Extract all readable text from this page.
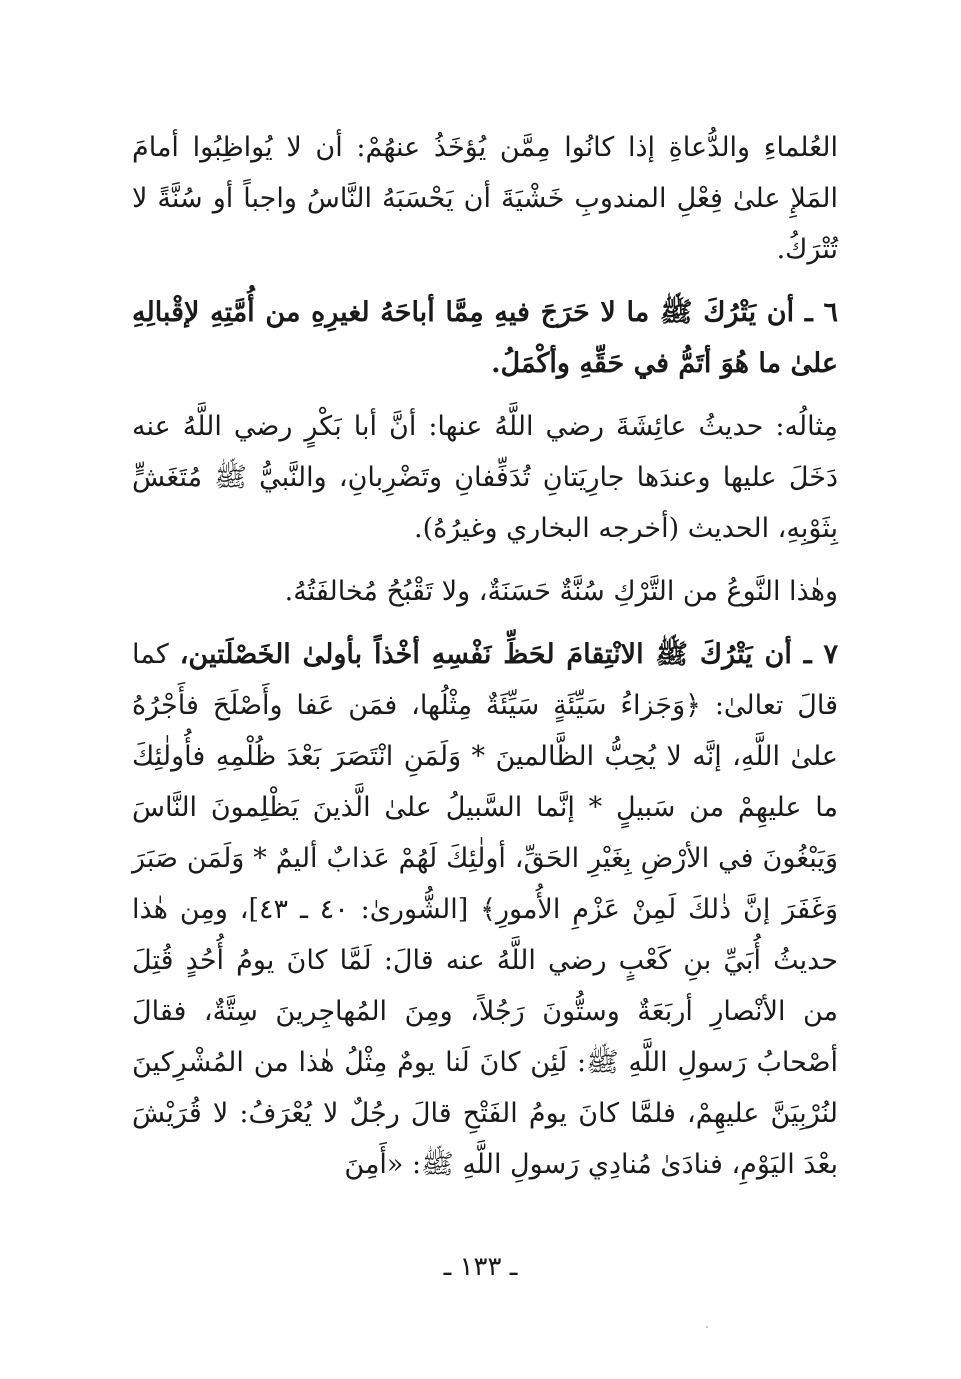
العُلماءِ والدُّعاةِ إذا كانُوا مِمَّن يُؤخَذُ عنهُمْ: أن لا يُواظِبُوا أمامَ المَلإِ علىٰ فِعْلِ المندوبِ خَشْيَةَ أن يَحْسَبَهُ النَّاسُ واجباً أو سُنَّةً لا تُتْرَكُ.

٦ ـ أن يَتْرُكَ ﷺ ما لا حَرَجَ فيهِ مِمَّا أباحَهُ لغيرِهِ من أُمَّتِهِ لإقْبالِهِ علىٰ ما هُوَ أتَمُّ في حَقِّهِ وأكْمَلُ.

مِثالُه: حديثُ عائِشَةَ رضي اللَّهُ عنها: أنَّ أبا بَكْرٍ رضي اللَّهُ عنه دَخَلَ عليها وعندَها جارِيَتانِ تُدَفِّفانِ وتَضْرِبانِ، والنَّبيُّ ﷺ مُتَغَشٍّ بِثَوْبِهِ، الحديث (أخرجه البخاري وغيرُهُ).

وهٰذا النَّوعُ من التَّرْكِ سُنَّةٌ حَسَنَةٌ، ولا تَقْبُحُ مُخالفَتُهُ.

٧ ـ أن يَتْرُكَ ﷺ الانْتِقامَ لحَظِّ نَفْسِهِ أخْذاً بأولىٰ الخَصْلَتين، كما قالَ تعالىٰ: ﴿وَجَزاءُ سَيِّئَةٍ سَيِّئَةٌ مِثْلُها، فمَن عَفا وأَصْلَحَ فأَجْرُهُ علىٰ اللَّهِ، إنَّه لا يُحِبُّ الظَّالمينَ * وَلَمَنِ انْتَصَرَ بَعْدَ ظُلْمِهِ فأُولٰئِكَ ما عليهِمْ من سَبيلٍ * إنَّما السَّبيلُ علىٰ الَّذينَ يَظْلِمونَ النَّاسَ وَيَبْغُونَ في الأرْضِ بِغَيْرِ الحَقِّ، أولٰئِكَ لَهُمْ عَذابٌ أليمٌ * وَلَمَن صَبَرَ وَغَفَرَ إنَّ ذٰلكَ لَمِنْ عَزْمِ الأُمورِ﴾ [الشُّورىٰ: ٤٠ ـ ٤٣]، ومِن هٰذا حديثُ أُبَيِّ بنِ كَعْبٍ رضي اللَّهُ عنه قالَ: لَمَّا كانَ يومُ أُحُدٍ قُتِلَ من الأنْصارِ أربَعَةٌ وستُّونَ رَجُلاً، ومِنَ المُهاجِرينَ سِتَّةٌ، فقالَ أصْحابُ رَسولِ اللَّهِ ﷺ: لَئِن كانَ لَنا يومٌ مِثْلُ هٰذا من المُشْرِكينَ لنُرْبِيَنَّ عليهِمْ، فلمَّا كانَ يومُ الفَتْحِ قالَ رجُلٌ لا يُعْرَفُ: لا قُرَيْشَ بعْدَ اليَوْمِ، فنادَىٰ مُنادِي رَسولِ اللَّهِ ﷺ: «أَمِنَ

ـ ١٣٣ ـ
